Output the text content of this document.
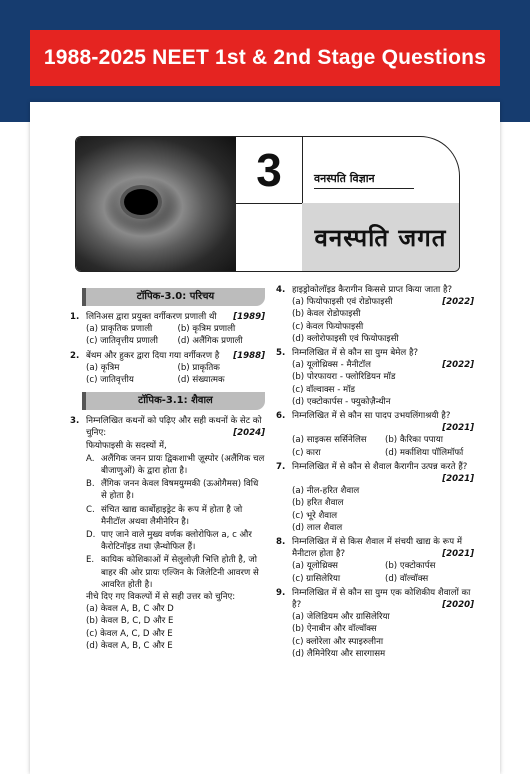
1988-2025 NEET 1st & 2nd Stage Questions
3	वनस्पति विज्ञान
वनस्पति जगत
टॉपिक-3.0: परिचय
1. लिनिअस द्वारा प्रयुक्त वर्गीकरण प्रणाली थी [1989]
(a) प्राकृतिक प्रणाली	(b) कृत्रिम प्रणाली
(c) जातिवृत्तीय प्रणाली	(d) अलैंगिक प्रणाली
2. बेंथम और हुकर द्वारा दिया गया वर्गीकरण है [1988]
(a) कृत्रिम	(b) प्राकृतिक
(c) जातिवृत्तीय	(d) संख्यात्मक
टॉपिक-3.1: शैवाल
3. निम्नलिखित कथनों को पढ़िए और सही कथनों के सेट को चुनिए:	[2024]
फियोफाइसी के सदस्यों में,
A. अलैंगिक जनन प्रायः द्विकशाभी ज़ूस्पोर (अलैंगिक चल बीजाणुओं) के द्वारा होता है।
B. लैंगिक जनन केवल विषमयुग्मकी (ऊओगैमस) विधि से होता है।
C. संचित खाद्य कार्बोहाइड्रेट के रूप में होता है जो मैनीटॉल अथवा लैमीनेरिन है।
D. पाए जाने वाले मुख्य वर्णक क्लोरोफिल a, c और कैरोटिनॉइड तथा ज़ैन्थोफिल हैं।
E. कायिक कोशिकाओं में सेलुलोज़ी भित्ति होती है, जो बाहर की ओर प्रायः एल्जिन के जिलेटिनी आवरण से आवरित होती है।
नीचे दिए गए विकल्पों में से सही उत्तर को चुनिए:
(a) केवल A, B, C और D
(b) केवल B, C, D और E
(c) केवल A, C, D और E
(d) केवल A, B, C और E
4. हाइड्रोकोलॉइड कैरागीन किससे प्राप्त किया जाता है?
(a) फियोफाइसी एवं रोडोफाइसी	[2022]
(b) केवल रोडोफाइसी
(c) केवल फियोफाइसी
(d) क्लोरोफाइसी एवं फियोफाइसी
5. निम्नलिखित में से कौन सा युग्म बेमेल है?
(a) यूलोथ्रिक्स - मैनीटॉल	[2022]
(b) पोरफायरा - फ्लोरिडियन मॉड
(c) वॉल्वाक्स - मॉड
(d) एक्टोकार्पस - फ्युकोज़ैन्थीन
6. निम्नलिखित में से कौन सा पादप उभयलिंगाश्रयी है?
[2021]
(a) साइकस सर्सिनेलिस	(b) कैरिका पपाया
(c) कारा	(d) मर्काशिया पॉलिमॉर्फा
7. निम्नलिखित में से कौन से शैवाल कैरागीन उत्पन्न करते हैं?
[2021]
(a) नील-हरित शैवाल
(b) हरित शैवाल
(c) भूरे शैवाल
(d) लाल शैवाल
8. निम्नलिखित में से किस शैवाल में संचयी खाद्य के रूप में मैनीटाल होता है?	[2021]
(a) यूलोथ्रिक्स	(b) एक्टोकार्पस
(c) ग्रासिलेरिया	(d) वॉल्वॉक्स
9. निम्नलिखित में से कौन सा युग्म एक कोशिकीय शैवालों का है?	[2020]
(a) जेलिडियम और ग्रासिलेरिया
(b) ऐनाबीन और वॉल्वॉक्स
(c) क्लोरेला और स्पाइरुलीना
(d) लैमिनेरिया और सारगासम
